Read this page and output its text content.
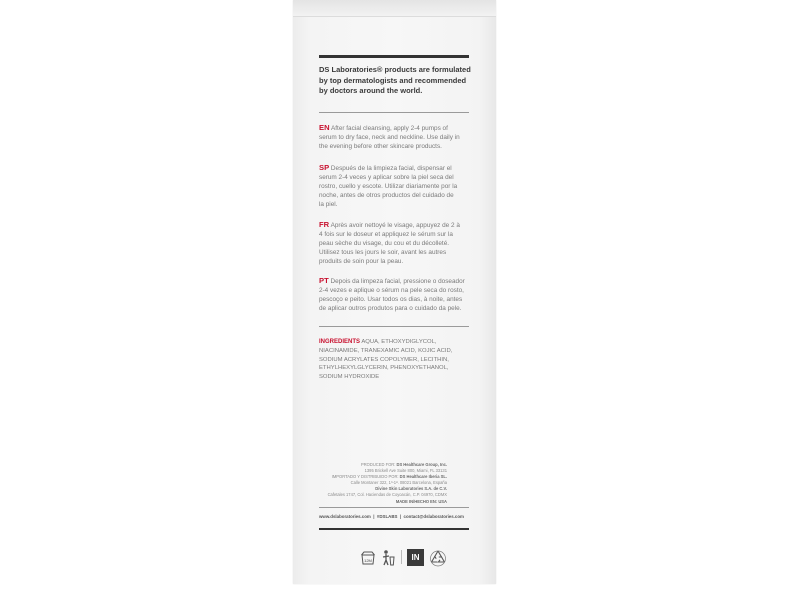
DS Laboratories® products are formulated
by top dermatologists and recommended
by doctors around the world.
EN After facial cleansing, apply 2-4 pumps of
serum to dry face, neck and neckline. Use daily in
the evening before other skincare products.
SP Después de la limpieza facial, dispensar el
serum 2-4 veces y aplicar sobre la piel seca del
rostro, cuello y escote. Utilizar diariamente por la
noche, antes de otros productos del cuidado de
la piel.
FR Après avoir nettoyé le visage, appuyez de 2 à
4 fois sur le doseur et appliquez le sérum sur la
peau sèche du visage, du cou et du décolleté.
Utilisez tous les jours le soir, avant les autres
produits de soin pour la peau.
PT Depois da limpeza facial, pressione o doseador
2-4 vezes e aplique o sérum na pele seca do rosto,
pescoço e peito. Usar todos os dias, à noite, antes
de aplicar outros produtos para o cuidado da pele.
INGREDIENTS AQUA, ETHOXYDIGLYCOL,
NIACINAMIDE, TRANEXAMIC ACID, KOJIC ACID,
SODIUM ACRYLATES COPOLYMER, LECITHIN,
ETHYLHEXYLGLYCERIN, PHENOXYETHANOL,
SODIUM HYDROXIDE
PRODUCED FOR: DS Healthcare Group, Inc.
1395 Brickell Ave Suite 800, Miami, FL 33131
IMPORTADO Y DISTRIBUIDO POR: DS Healthcare Iberia SL.
Calle Montaner 322, 1º-1ª. 08021 Barcelona, España
Divine Skin Laboratories S.A. de C.V.
Cafetales 1747, Col. Haciendas de Coyoacán, C.P. 04970, CDMX
MADE IN/HECHO EN: USA
www.dslaboratories.com  |  #DSLABS  |  contact@dslaboratories.com
12M	IN
